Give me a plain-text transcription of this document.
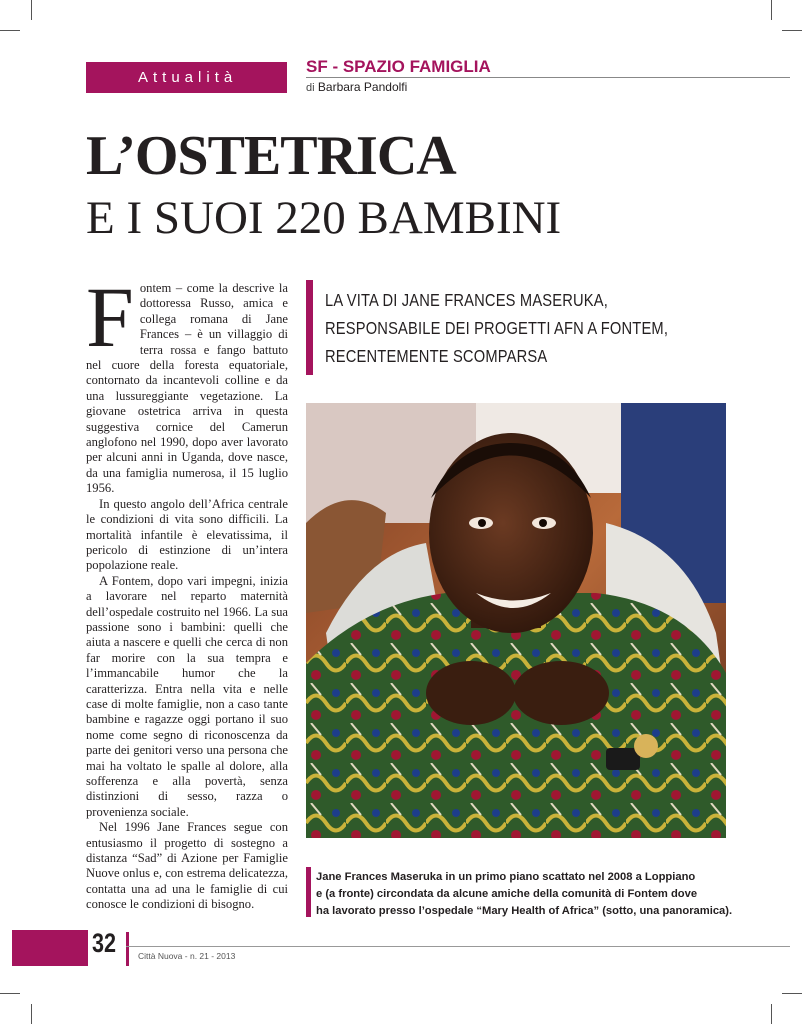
Attualità
SF - SPAZIO FAMIGLIA
di Barbara Pandolfi
L’OSTETRICA
E I SUOI 220 BAMBINI

Fontem – come la descrive la dottoressa Russo, amica e collega romana di Jane Frances – è un villaggio di terra rossa e fango battuto nel cuore della foresta equatoriale, contornato da incantevoli colline e da una lussureggiante vegetazione. La giovane ostetrica arriva in questa suggestiva cornice del Camerun anglofono nel 1990, dopo aver lavorato per alcuni anni in Uganda, dove nasce, da una famiglia numerosa, il 15 luglio 1956.

In questo angolo dell’Africa centrale le condizioni di vita sono difficili. La mortalità infantile è elevatissima, il pericolo di estinzione di un’intera popolazione reale.

A Fontem, dopo vari impegni, inizia a lavorare nel reparto maternità dell’ospedale costruito nel 1966. La sua passione sono i bambini: quelli che aiuta a nascere e quelli che cerca di non far morire con la sua tempra e l’immancabile humor che la caratterizza. Entra nella vita e nelle case di molte famiglie, non a caso tante bambine e ragazze oggi portano il suo nome come segno di riconoscenza da parte dei genitori verso una persona che mai ha voltato le spalle al dolore, alla sofferenza e alla povertà, senza distinzioni di sesso, razza o provenienza sociale.

Nel 1996 Jane Frances segue con entusiasmo il progetto di sostegno a distanza “Sad” di Azione per Famiglie Nuove onlus e, con estrema delicatezza, contatta una ad una le famiglie di cui conosce le condizioni di bisogno.

LA VITA DI JANE FRANCES MASERUKA,
RESPONSABILE DEI PROGETTI AFN A FONTEM,
RECENTEMENTE SCOMPARSA
Jane Frances Maseruka in un primo piano scattato nel 2008 a Loppiano
e (a fronte) circondata da alcune amiche della comunità di Fontem dove
ha lavorato presso l’ospedale “Mary Health of Africa” (sotto, una panoramica).
32	Città Nuova - n. 21 - 2013
